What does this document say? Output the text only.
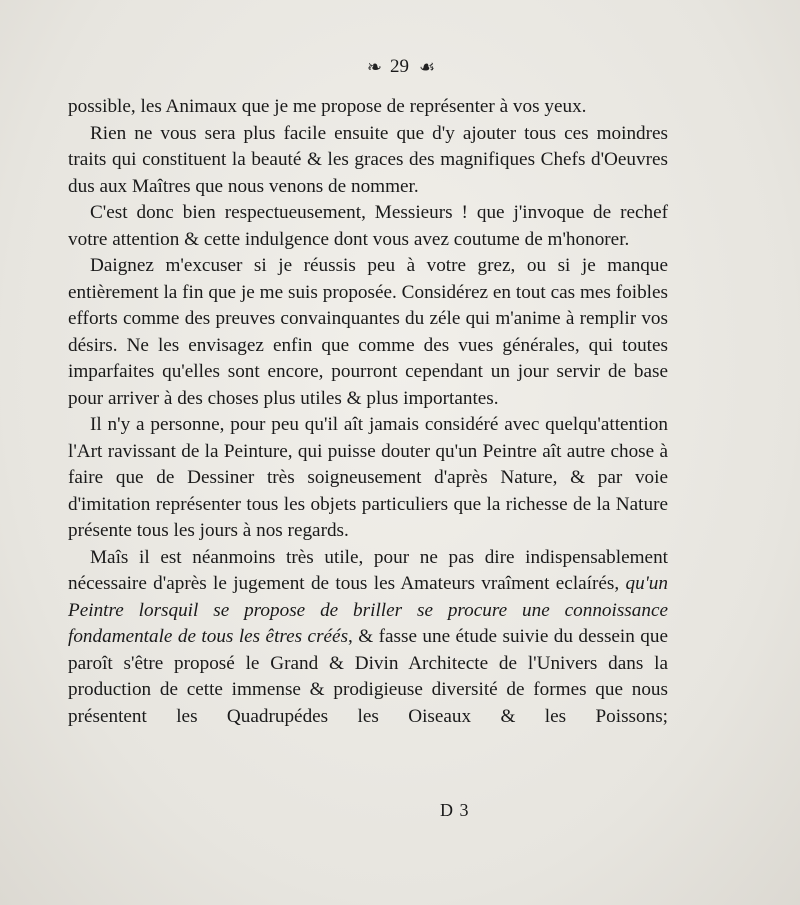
❧ 29 ☙

possible, les Animaux que je me propose de représenter à vos yeux.

Rien ne vous sera plus facile ensuite que d'y ajouter tous ces moindres traits qui constituent la beauté & les graces des magnifiques Chefs d'Oeuvres dus aux Maîtres que nous venons de nommer.

C'est donc bien respectueusement, Messieurs ! que j'invoque de rechef votre attention & cette indulgence dont vous avez coutume de m'honorer.

Daignez m'excuser si je réussis peu à votre grez, ou si je manque entièrement la fin que je me suis proposée. Considérez en tout cas mes foibles efforts comme des preuves convainquantes du zéle qui m'anime à remplir vos désirs. Ne les envisagez enfin que comme des vues générales, qui toutes imparfaites qu'elles sont encore, pourront cependant un jour servir de base pour arriver à des choses plus utiles & plus importantes.

Il n'y a personne, pour peu qu'il aît jamais considéré avec quelqu'attention l'Art ravissant de la Peinture, qui puisse douter qu'un Peintre aît autre chose à faire que de Dessiner très soigneusement d'après Nature, & par voie d'imitation représenter tous les objets particuliers que la richesse de la Nature présente tous les jours à nos regards.

Maîs il est néanmoins très utile, pour ne pas dire indispensablement nécessaire d'après le jugement de tous les Amateurs vraîment eclaírés, qu'un Peintre lorsquil se propose de briller se procure une connoissance fondamentale de tous les êtres créés, & fasse une étude suivie du dessein que paroît s'être proposé le Grand & Divin Architecte de l'Univers dans la production de cette immense & prodigieuse diversité de formes que nous présentent les Quadrupédes les Oiseaux & les Poissons;

D 3
